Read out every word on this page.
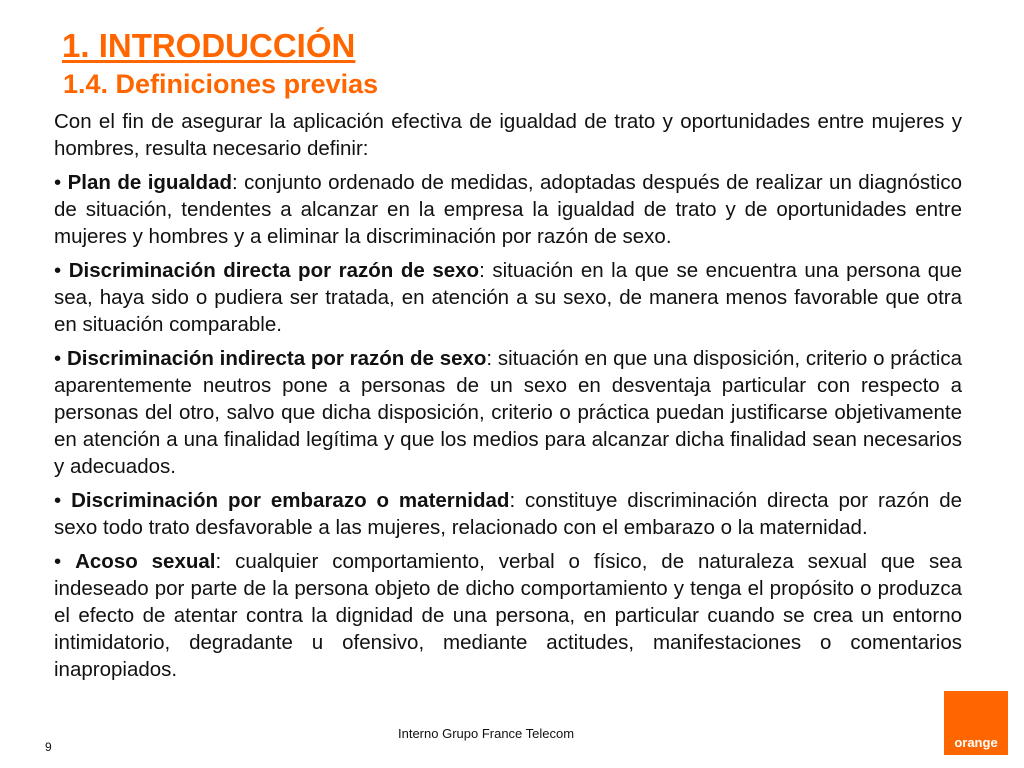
1. INTRODUCCIÓN
1.4. Definiciones previas

Con el fin de asegurar la aplicación efectiva de igualdad de trato y oportunidades entre mujeres y hombres, resulta necesario definir:

• Plan de igualdad: conjunto ordenado de medidas, adoptadas después de realizar un diagnóstico de situación, tendentes a alcanzar en la empresa la igualdad de trato y de oportunidades entre mujeres y hombres y a eliminar la discriminación por razón de sexo.

• Discriminación directa por razón de sexo: situación en la que se encuentra una persona que sea, haya sido o pudiera ser tratada, en atención a su sexo, de manera menos favorable que otra en situación comparable.

• Discriminación indirecta por razón de sexo: situación en que una disposición, criterio o práctica aparentemente neutros pone a personas de un sexo en desventaja particular con respecto a personas del otro, salvo que dicha disposición, criterio o práctica puedan justificarse objetivamente en atención a una finalidad legítima y que los medios para alcanzar dicha finalidad sean necesarios y adecuados.

• Discriminación por embarazo o maternidad: constituye discriminación directa por razón de sexo todo trato desfavorable a las mujeres, relacionado con el embarazo o la maternidad.

• Acoso sexual: cualquier comportamiento, verbal o físico, de naturaleza sexual que sea indeseado por parte de la persona objeto de dicho comportamiento y tenga el propósito o produzca el efecto de atentar contra la dignidad de una persona, en particular cuando se crea un entorno intimidatorio, degradante u ofensivo, mediante actitudes, manifestaciones o comentarios inapropiados.

9
Interno Grupo France Telecom
orange
